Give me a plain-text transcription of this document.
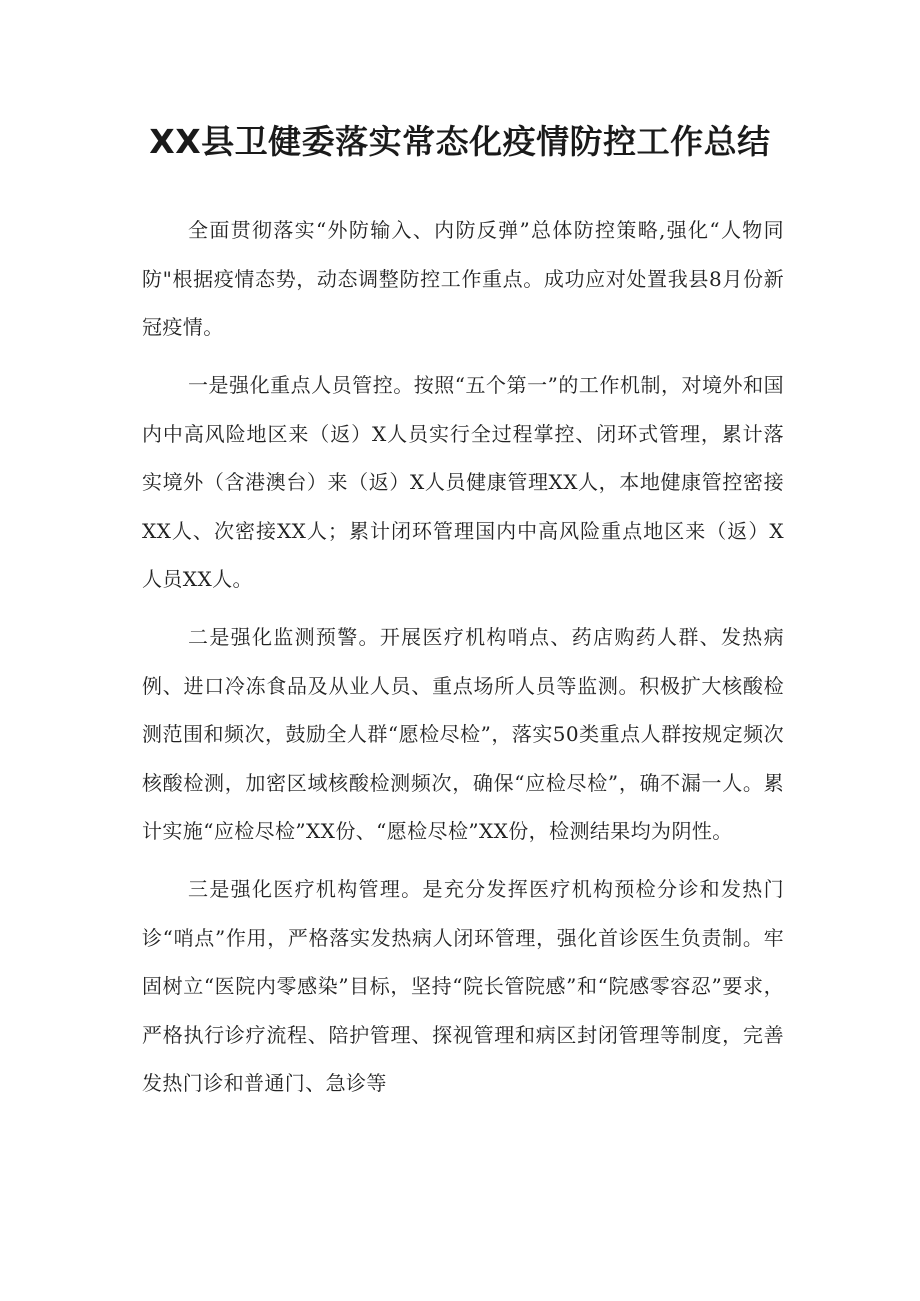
XX县卫健委落实常态化疫情防控工作总结

全面贯彻落实“外防输入、内防反弹”总体防控策略,强化“人物同防"根据疫情态势，动态调整防控工作重点。成功应对处置我县8月份新冠疫情。

一是强化重点人员管控。按照“五个第一”的工作机制，对境外和国内中高风险地区来（返）X人员实行全过程掌控、闭环式管理，累计落实境外（含港澳台）来（返）X人员健康管理XX人，本地健康管控密接XX人、次密接XX人；累计闭环管理国内中高风险重点地区来（返）X人员XX人。

二是强化监测预警。开展医疗机构哨点、药店购药人群、发热病例、进口冷冻食品及从业人员、重点场所人员等监测。积极扩大核酸检测范围和频次，鼓励全人群“愿检尽检”，落实50类重点人群按规定频次核酸检测，加密区域核酸检测频次，确保“应检尽检”，确不漏一人。累计实施“应检尽检”XX份、“愿检尽检”XX份，检测结果均为阴性。

三是强化医疗机构管理。是充分发挥医疗机构预检分诊和发热门诊“哨点”作用，严格落实发热病人闭环管理，强化首诊医生负责制。牢固树立“医院内零感染”目标，坚持“院长管院感”和“院感零容忍”要求，严格执行诊疗流程、陪护管理、探视管理和病区封闭管理等制度，完善发热门诊和普通门、急诊等
